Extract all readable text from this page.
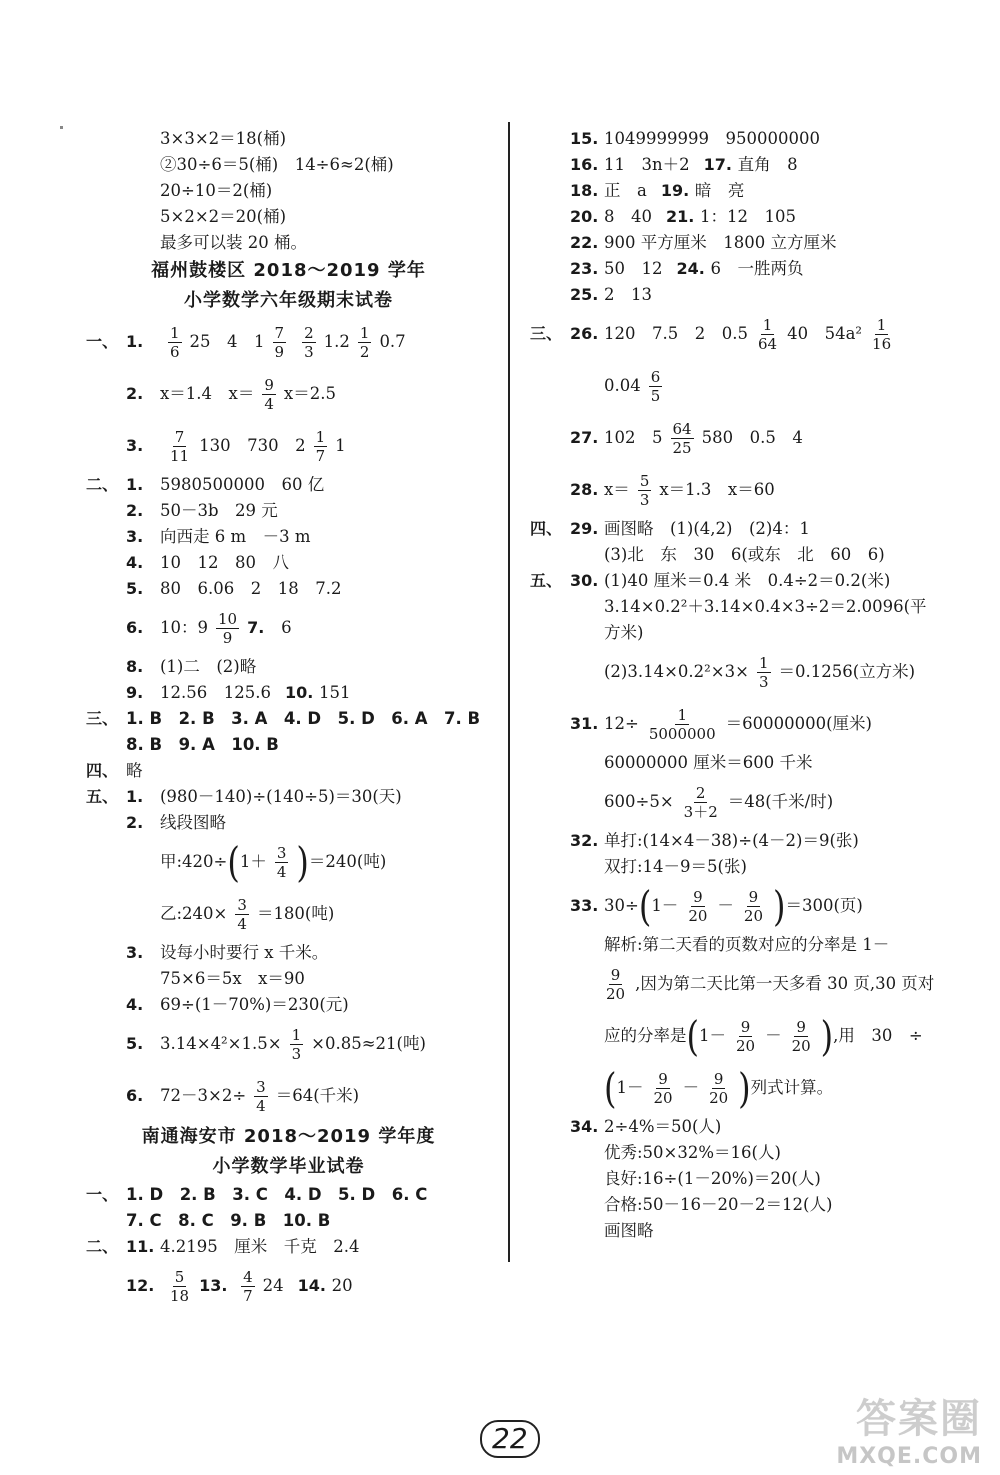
3×3×2＝18(桶)
②30÷6＝5(桶)　14÷6≈2(桶)
20÷10＝2(桶)
5×2×2＝20(桶)
最多可以装 20 桶。
福州鼓楼区 2018～2019 学年
小学数学六年级期末试卷
一、 1.	$\frac{1}{6} 25$　4　$1 \frac{7}{9} \frac{2}{3} 1.2 \frac{1}{2} 0.7$
2.	x＝1.4　$x= \frac{9}{4} x=2.5$
3.	$\frac{7}{11} 130$　730　$2 \frac{1}{7} 1$
二、 1.	5980500000　60 亿
2.	50－3b　29 元
3.	向西走 6 m　－3 m
4.	10　12　80　八
5.	80　6.06　2　18　7.2
6.	10：$9 \frac{10}{9} 7$.	6
8.	(1)二　(2)略
9.	12.56　125.6 10. 151
三、 1. B　2. B　3. A　4. D　5. D　6. A　7. B
8. B　9. A　10. B
四、 略
五、 1.	(980－140)÷(140÷5)＝30(天)
2.	线段图略
甲:420÷ ( $1+ \frac{3}{4}$ ) ＝240(吨)
乙:240× $\frac{3}{4} =180$(吨)
3.	设每小时要行 x 千米。
75×6＝5x　x＝90
4.	69÷(1－70%)＝230(元)
5.	$3.14\times 4^2\times 1.5\times \frac{1}{3} \times 0.85\approx 21$(吨)
6.	$72-3\times 2\div \frac{3}{4} =64$(千米)
南通海安市 2018～2019 学年度
小学数学毕业试卷
一、 1. D　2. B　3. C　4. D　5. D　6. C
7. C　8. C　9. B　10. B
二、 11. 4.2195　厘米　千克　2.4
12. $\frac{5}{18} 13$. $\frac{4}{7} 24$ 14. 20
15. 1049999999　950000000
16. 11　3n＋2 17. 直角　8
18. 正　a 19. 暗　亮
20. 8　40 21. 1：12　105
22. 900 平方厘米　1800 立方厘米
23. 50　12 24. 6　一胜两负
25. 2　13
三、 26. 120　7.5　2　$0.5 \frac{1}{64} 40$　$54a^2 \frac{1}{16}$
$0.04 \frac{6}{5}$
27. 102　$5 \frac{64}{25} 580$　0.5　4
28. $x= \frac{5}{3} x=1.3$　x＝60
四、 29. 画图略　(1)(4,2)　(2)4：1
(3)北　东　30　6(或东　北　60　6)
五、 30. (1)40 厘米＝0.4 米　0.4÷2＝0.2(米)
3.14×0.2²＋3.14×0.4×3÷2＝2.0096(平
方米)
$(2)3.14\times 0.2^2\times 3\times \frac{1}{3} =0.1256$(立方米)
31. $12\div \frac{1}{5000000} =60000000$(厘米)
60000000 厘米＝600 千米
$600\div 5\times \frac{2}{3+2} =48$(千米/时)
32. 单打:(14×4－38)÷(4－2)＝9(张)
双打:14－9＝5(张)
33. 30÷ ( $1- \frac{9}{20} - \frac{9}{20}$ ) ＝300(页)
解析:第二天看的页数对应的分率是 1－
$\frac{9}{20}$ ,因为第二天比第一天多看 30 页,30 页对
应的分率是 ( $1- \frac{9}{20} - \frac{9}{20}$ ) ,用　30　÷
( $1- \frac{9}{20} - \frac{9}{20}$ ) 列式计算。
34. 2÷4%＝50(人)
优秀:50×32%＝16(人)
良好:16÷(1－20%)＝20(人)
合格:50－16－20－2＝12(人)
画图略
22	答案圈
MXQE.COM
